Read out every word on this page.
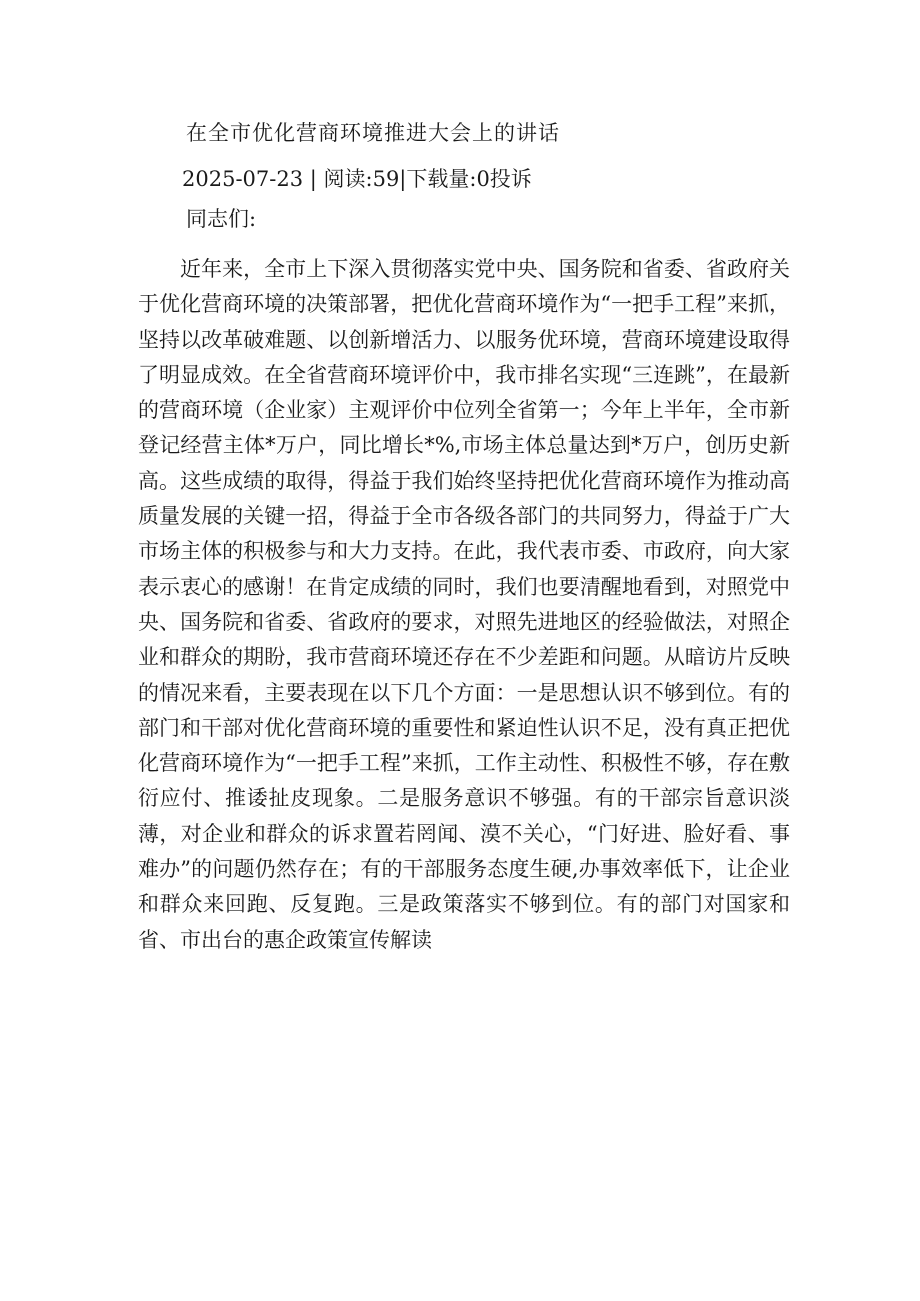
在全市优化营商环境推进大会上的讲话
2025-07-23 | 阅读:59|下载量:0投诉
同志们:

近年来，全市上下深入贯彻落实党中央、国务院和省委、省政府关于优化营商环境的决策部署，把优化营商环境作为“一把手工程”来抓，坚持以改革破难题、以创新增活力、以服务优环境，营商环境建设取得了明显成效。在全省营商环境评价中，我市排名实现“三连跳”，在最新的营商环境（企业家）主观评价中位列全省第一；今年上半年，全市新登记经营主体*万户，同比增长*%,市场主体总量达到*万户，创历史新高。这些成绩的取得，得益于我们始终坚持把优化营商环境作为推动高质量发展的关键一招，得益于全市各级各部门的共同努力，得益于广大市场主体的积极参与和大力支持。在此，我代表市委、市政府，向大家表示衷心的感谢！在肯定成绩的同时，我们也要清醒地看到，对照党中央、国务院和省委、省政府的要求，对照先进地区的经验做法，对照企业和群众的期盼，我市营商环境还存在不少差距和问题。从暗访片反映的情况来看，主要表现在以下几个方面：一是思想认识不够到位。有的部门和干部对优化营商环境的重要性和紧迫性认识不足，没有真正把优化营商环境作为“一把手工程”来抓，工作主动性、积极性不够，存在敷衍应付、推诿扯皮现象。二是服务意识不够强。有的干部宗旨意识淡薄，对企业和群众的诉求置若罔闻、漠不关心，“门好进、脸好看、事难办”的问题仍然存在；有的干部服务态度生硬,办事效率低下，让企业和群众来回跑、反复跑。三是政策落实不够到位。有的部门对国家和省、市出台的惠企政策宣传解读
